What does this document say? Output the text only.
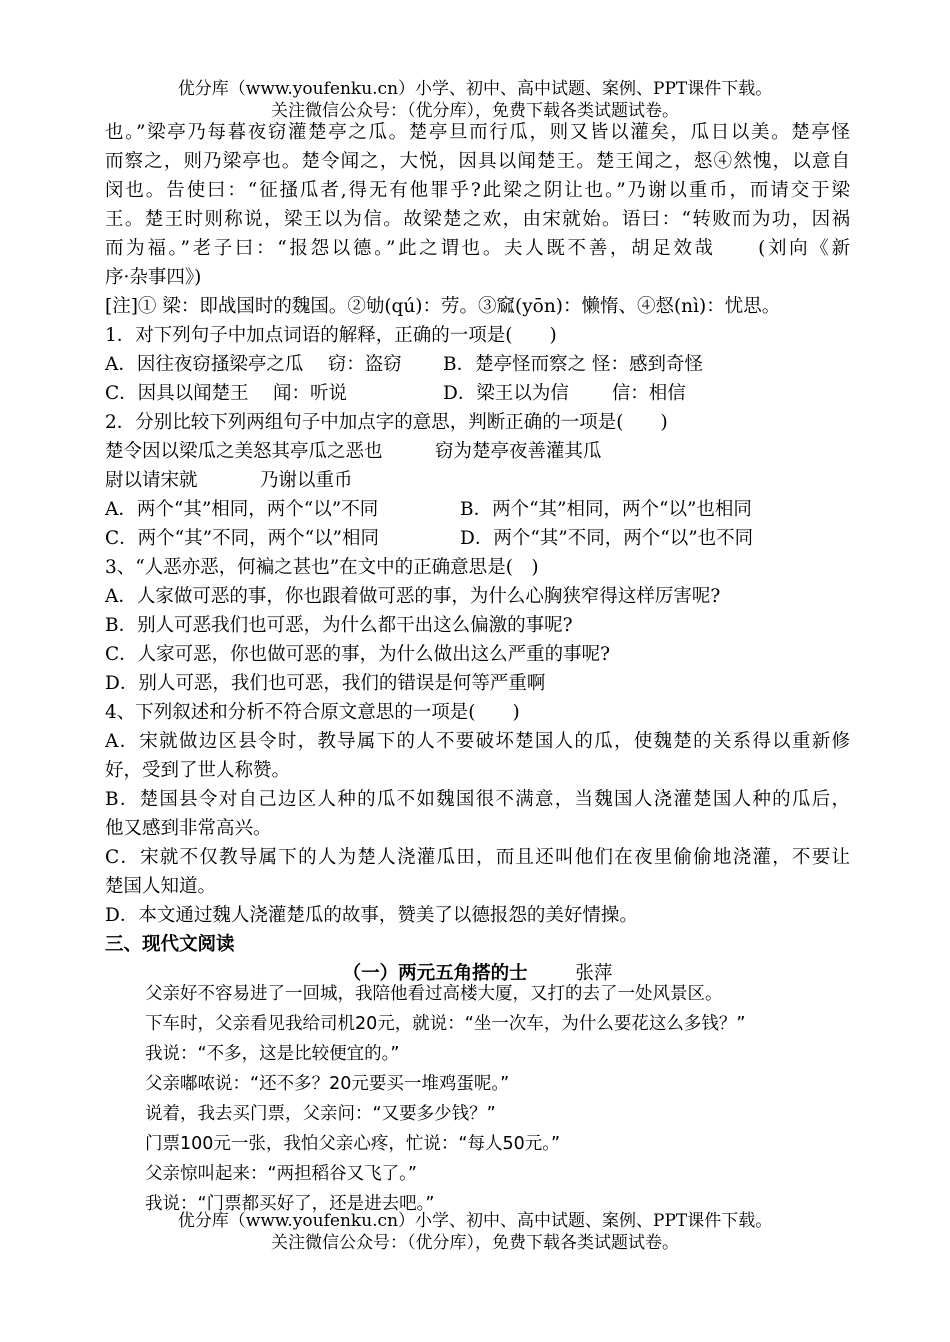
优分库（www.youfenku.cn）小学、初中、高中试题、案例、PPT课件下载。
关注微信公众号：（优分库），免费下载各类试题试卷。
也。”梁亭乃每暮夜窃灌楚亭之瓜。楚亭旦而行瓜，则又皆以灌矣，瓜日以美。楚亭怪
而察之，则乃梁亭也。楚令闻之，大悦，因具以闻楚王。楚王闻之，惄④然愧，以意自
闵也。告使曰：“征搔瓜者,得无有他罪乎?此梁之阴让也。”乃谢以重币，而请交于梁
王。楚王时则称说，梁王以为信。故梁楚之欢，由宋就始。语曰：“转败而为功，因祸
而为福。”老子曰：“报怨以德。”此之谓也。夫人既不善，胡足效哉　　(刘向《新
序·杂事四》)
[注]① 梁：即战国时的魏国。②劬(qú)：劳。③窳(yōn)：懒惰、④惄(nì)：忧思。
1．对下列句子中加点词语的解释，正确的一项是(　　)
A．因往夜窃搔梁亭之瓜　 窃：盗窃 B．楚亭怪而察之 怪：感到奇怪
C．因具以闻楚王　 闻：听说	D．梁王以为信　　 信：相信
2．分别比较下列两组句子中加点字的意思，判断正确的一项是(　　)
楚令因以梁瓜之美怒其亭瓜之恶也	窃为楚亭夜善灌其瓜
尉以请宋就	乃谢以重币
A．两个“其”相同，两个“以”不同	B．两个“其”相同，两个“以”也相同
C．两个“其”不同，两个“以”相同	D．两个“其”不同，两个“以”也不同
3、“人恶亦恶，何褊之甚也”在文中的正确意思是(　)
A．人家做可恶的事，你也跟着做可恶的事，为什么心胸狭窄得这样厉害呢?
B．别人可恶我们也可恶，为什么都干出这么偏激的事呢?
C．人家可恶，你也做可恶的事，为什么做出这么严重的事呢?
D．别人可恶，我们也可恶，我们的错误是何等严重啊
4、下列叙述和分析不符合原文意思的一项是(　　)
A．宋就做边区县令时，教导属下的人不要破坏楚国人的瓜，使魏楚的关系得以重新修
好，受到了世人称赞。
B．楚国县令对自己边区人种的瓜不如魏国很不满意，当魏国人浇灌楚国人种的瓜后，
他又感到非常高兴。
C．宋就不仅教导属下的人为楚人浇灌瓜田，而且还叫他们在夜里偷偷地浇灌，不要让
楚国人知道。
D．本文通过魏人浇灌楚瓜的故事，赞美了以德报怨的美好情操。
三、现代文阅读
（一）两元五角搭的士	张萍
父亲好不容易进了一回城，我陪他看过高楼大厦，又打的去了一处风景区。
下车时，父亲看见我给司机20元，就说：“坐一次车，为什么要花这么多钱？”
我说：“不多，这是比较便宜的。”
父亲嘟哝说：“还不多？20元要买一堆鸡蛋呢。”
说着，我去买门票，父亲问：“又要多少钱？”
门票100元一张，我怕父亲心疼，忙说：“每人50元。”
父亲惊叫起来：“两担稻谷又飞了。”
我说：“门票都买好了，还是进去吧。”
优分库（www.youfenku.cn）小学、初中、高中试题、案例、PPT课件下载。
关注微信公众号：（优分库），免费下载各类试题试卷。
